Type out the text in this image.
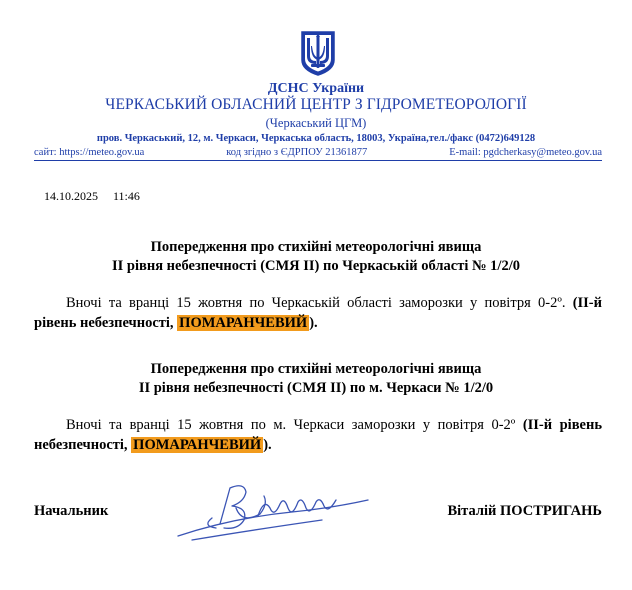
ДСНС України
ЧЕРКАСЬКИЙ ОБЛАСНИЙ ЦЕНТР З ГІДРОМЕТЕОРОЛОГІЇ
(Черкаський ЦГМ)
пров. Черкаський, 12, м. Черкаси, Черкаська область, 18003, Україна,тел./факс (0472)649128
сайт: https://meteo.gov.ua	код згідно з ЄДРПОУ 21361877	E-mail: pgdcherkasy@meteo.gov.ua
14.10.2025 11:46
Попередження про стихійні метеорологічні явища
ІІ рівня небезпечності (СМЯ ІІ) по Черкаській області № 1/2/0
Вночі та вранці 15 жовтня по Черкаській області заморозки у повітря 0-2º. (ІІ-й рівень небезпечності, ПОМАРАНЧЕВИЙ ).
Попередження про стихійні метеорологічні явища
ІІ рівня небезпечності (СМЯ ІІ) по м. Черкаси № 1/2/0
Вночі та вранці 15 жовтня по м. Черкаси заморозки у повітря 0-2º (ІІ-й рівень небезпечності, ПОМАРАНЧЕВИЙ ).
Начальник	Віталій ПОСТРИГАНЬ
